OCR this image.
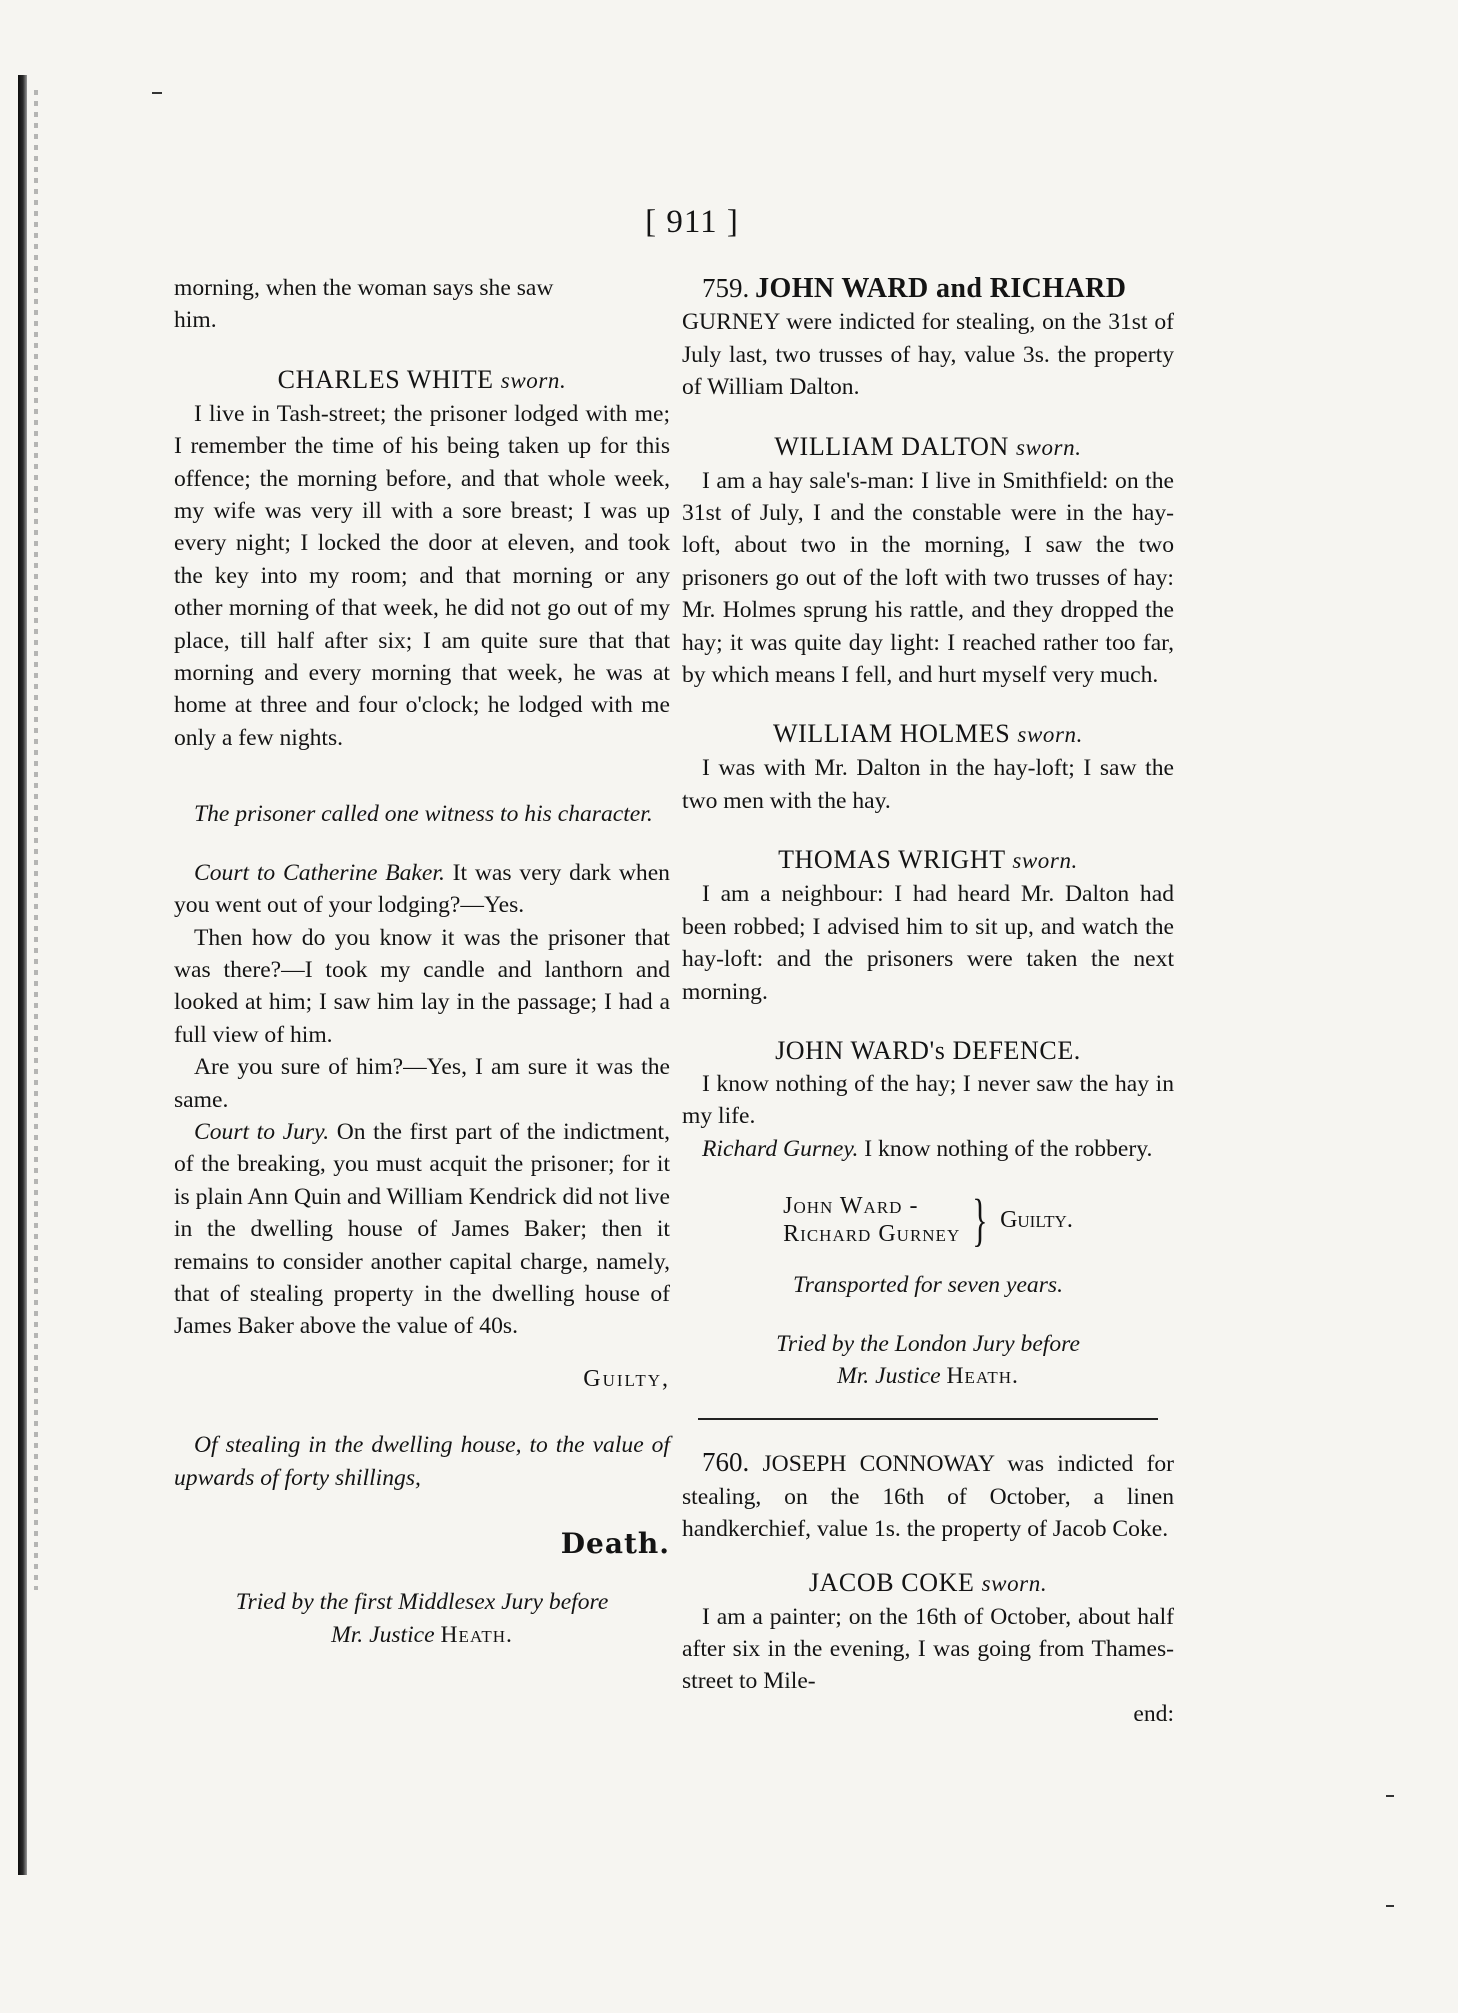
[ 911 ]

morning, when the woman says she saw

him.

CHARLES WHITE sworn.

I live in Tash-street; the prisoner lodged with me; I remember the time of his being taken up for this offence; the morning before, and that whole week, my wife was very ill with a sore breast; I was up every night; I locked the door at eleven, and took the key into my room; and that morning or any other morning of that week, he did not go out of my place, till half after six; I am quite sure that that morning and every morning that week, he was at home at three and four o'clock; he lodged with me only a few nights.

The prisoner called one witness to his character.

Court to Catherine Baker. It was very dark when you went out of your lodging?—Yes.

Then how do you know it was the prisoner that was there?—I took my candle and lanthorn and looked at him; I saw him lay in the passage; I had a full view of him.

Are you sure of him?—Yes, I am sure it was the same.

Court to Jury. On the first part of the indictment, of the breaking, you must acquit the prisoner; for it is plain Ann Quin and William Kendrick did not live in the dwelling house of James Baker; then it remains to consider another capital charge, namely, that of stealing property in the dwelling house of James Baker above the value of 40s.

Guilty,

Of stealing in the dwelling house, to the value of upwards of forty shillings,

Death.
Tried by the first Middlesex Jury before
Mr. Justice Heath.

759. JOHN WARD and RICHARD

GURNEY were indicted for stealing, on the 31st of July last, two trusses of hay, value 3s. the property of William Dalton.

WILLIAM DALTON sworn.

I am a hay sale's-man: I live in Smithfield: on the 31st of July, I and the constable were in the hay-loft, about two in the morning, I saw the two prisoners go out of the loft with two trusses of hay: Mr. Holmes sprung his rattle, and they dropped the hay; it was quite day light: I reached rather too far, by which means I fell, and hurt myself very much.

WILLIAM HOLMES sworn.

I was with Mr. Dalton in the hay-loft; I saw the two men with the hay.

THOMAS WRIGHT sworn.

I am a neighbour: I had heard Mr. Dalton had been robbed; I advised him to sit up, and watch the hay-loft: and the prisoners were taken the next morning.

JOHN WARD's DEFENCE.

I know nothing of the hay; I never saw the hay in my life.

Richard Gurney. I know nothing of the robbery.

John Ward -
Richard Gurney } Guilty.
Transported for seven years.
Tried by the London Jury before
Mr. Justice Heath.

760. JOSEPH CONNOWAY was indicted for stealing, on the 16th of October, a linen handkerchief, value 1s. the property of Jacob Coke.

JACOB COKE sworn.

I am a painter; on the 16th of October, about half after six in the evening, I was going from Thames-street to Mile-

end:
